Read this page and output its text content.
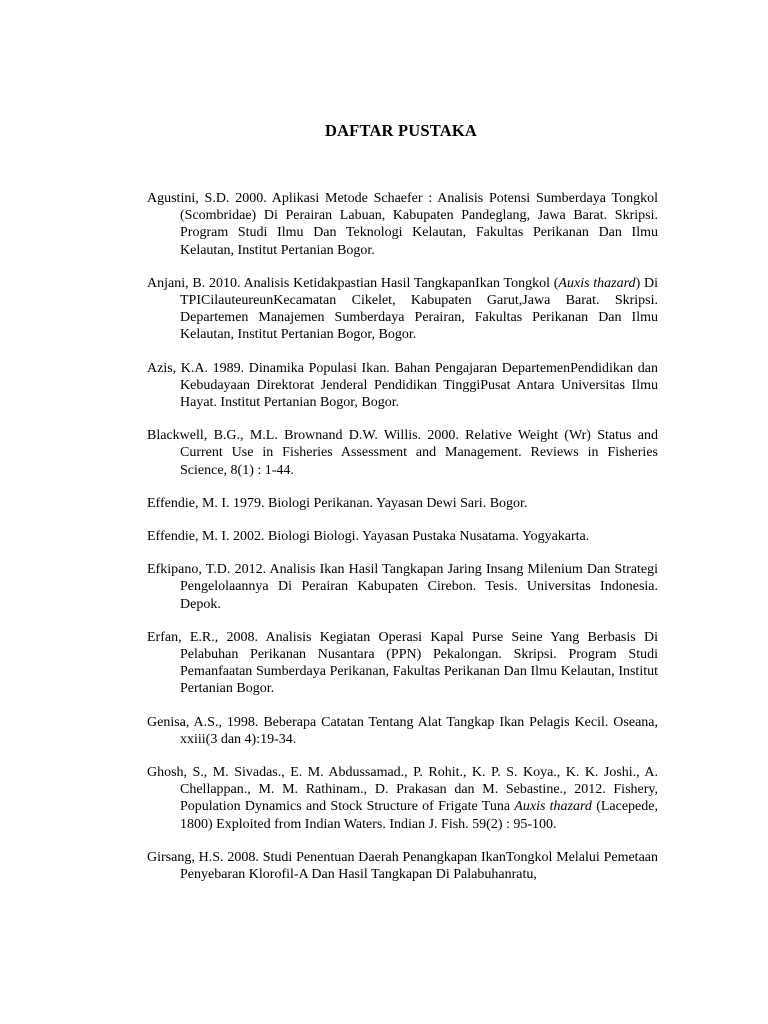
DAFTAR PUSTAKA

Agustini, S.D. 2000. Aplikasi Metode Schaefer : Analisis Potensi Sumberdaya Tongkol (Scombridae) Di Perairan Labuan, Kabupaten Pandeglang, Jawa Barat. Skripsi. Program Studi Ilmu Dan Teknologi Kelautan, Fakultas Perikanan Dan Ilmu Kelautan, Institut Pertanian Bogor.

Anjani, B. 2010. Analisis Ketidakpastian Hasil TangkapanIkan Tongkol (Auxis thazard) Di TPICilauteureunKecamatan Cikelet, Kabupaten Garut,Jawa Barat. Skripsi. Departemen Manajemen Sumberdaya Perairan, Fakultas Perikanan Dan Ilmu Kelautan, Institut Pertanian Bogor, Bogor.

Azis, K.A. 1989. Dinamika Populasi Ikan. Bahan Pengajaran DepartemenPendidikan dan Kebudayaan Direktorat Jenderal Pendidikan TinggiPusat Antara Universitas Ilmu Hayat. Institut Pertanian Bogor, Bogor.

Blackwell, B.G., M.L. Brownand D.W. Willis. 2000. Relative Weight (Wr) Status and Current Use in Fisheries Assessment and Management. Reviews in Fisheries Science, 8(1) : 1-44.

Effendie, M. I. 1979. Biologi Perikanan. Yayasan Dewi Sari. Bogor.

Effendie, M. I. 2002. Biologi Biologi. Yayasan Pustaka Nusatama. Yogyakarta.

Efkipano, T.D. 2012. Analisis Ikan Hasil Tangkapan Jaring Insang Milenium Dan Strategi Pengelolaannya Di Perairan Kabupaten Cirebon. Tesis. Universitas Indonesia. Depok.

Erfan, E.R., 2008. Analisis Kegiatan Operasi Kapal Purse Seine Yang Berbasis Di Pelabuhan Perikanan Nusantara (PPN) Pekalongan. Skripsi. Program Studi Pemanfaatan Sumberdaya Perikanan, Fakultas Perikanan Dan Ilmu Kelautan, Institut Pertanian Bogor.

Genisa, A.S., 1998. Beberapa Catatan Tentang Alat Tangkap Ikan Pelagis Kecil. Oseana, xxiii(3 dan 4):19-34.

Ghosh, S., M. Sivadas., E. M. Abdussamad., P. Rohit., K. P. S. Koya., K. K. Joshi., A. Chellappan., M. M. Rathinam., D. Prakasan dan M. Sebastine., 2012. Fishery, Population Dynamics and Stock Structure of Frigate Tuna Auxis thazard (Lacepede, 1800) Exploited from Indian Waters. Indian J. Fish. 59(2) : 95-100.

Girsang, H.S. 2008. Studi Penentuan Daerah Penangkapan IkanTongkol Melalui Pemetaan Penyebaran Klorofil-A Dan Hasil Tangkapan Di Palabuhanratu,
